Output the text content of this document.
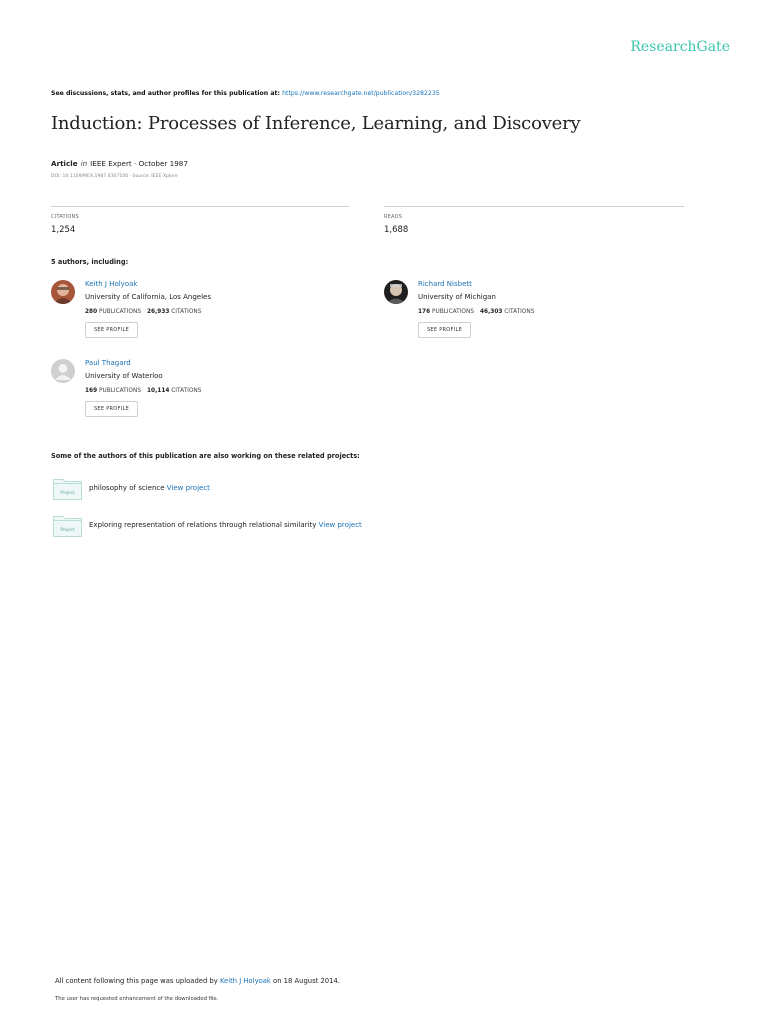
ResearchGate
See discussions, stats, and author profiles for this publication at: https://www.researchgate.net/publication/3282235
Induction: Processes of Inference, Learning, and Discovery
Article in IEEE Expert · October 1987
DOI: 10.1109/MEX.1987.4307100 · Source: IEEE Xplore
CITATIONS
1,254
READS
1,688
5 authors, including:
Keith J Holyoak
University of California, Los Angeles
280 PUBLICATIONS 26,933 CITATIONS
SEE PROFILE
Richard Nisbett
University of Michigan
176 PUBLICATIONS 46,303 CITATIONS
SEE PROFILE
Paul Thagard
University of Waterloo
169 PUBLICATIONS 10,114 CITATIONS
SEE PROFILE
Some of the authors of this publication are also working on these related projects:
Project
philosophy of science View project
Project
Exploring representation of relations through relational similarity View project
All content following this page was uploaded by Keith J Holyoak on 18 August 2014.
The user has requested enhancement of the downloaded file.
